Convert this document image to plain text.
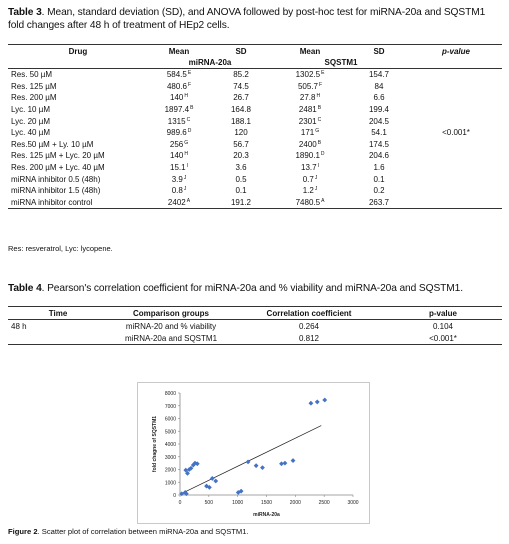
Table 3. Mean, standard deviation (SD), and ANOVA followed by post-hoc test for miRNA-20a and SQSTM1 fold changes after 48 h of treatment of HEp2 cells.
Drug	Mean	SD	Mean	SD	p-value
	miRNA-20a		SQSTM1		
Res. 50 µM	$584.5^E$	85.2	$1302.5^E$	154.7	
Res. 125 µM	$480.6^F$	74.5	$505.7^F$	84	
Res. 200 µM	$140^H$	26.7	$27.8^H$	6.6	
Lyc. 10 µM	$1897.4^B$	164.8	$2481^B$	199.4	
Lyc. 20 µM	$1315^C$	188.1	$2301^C$	204.5	
Lyc. 40 µM	$989.6^D$	120	$171^G$	54.1	<0.001*
Res.50 µM + Ly. 10 µM	$256^G$	56.7	$2400^B$	174.5	
Res. 125 µM + Lyc. 20 µM	$140^H$	20.3	$1890.1^D$	204.6	
Res. 200 µM + Lyc. 40 µM	$15.1^I$	3.6	$13.7^I$	1.6	
miRNA inhibitor 0.5 (48h)	$3.9^J$	0.5	$0.7^J$	0.1	
miRNA inhibitor 1.5 (48h)	$0.8^J$	0.1	$1.2^J$	0.2	
miRNA inhibitor control	$2402^A$	191.2	$7480.5^A$	263.7	
Res: resveratrol, Lyc: lycopene.
Table 4. Pearson's correlation coefficient for miRNA-20a and % viability and miRNA-20a and SQSTM1.
Time	Comparison groups	Correlation coefficient	p-value
48 h	miRNA-20 and % viability	0.264	0.104
	miRNA-20a and SQSTM1	0.812	<0.001*
0
1000
2000
3000
4000
5000
6000
7000
8000
0	500	1000	1500	2000	2500	3000
miRNA-20a
fold chagne of SQSTM1
Figure 2. Scatter plot of correlation between miRNA-20a and SQSTM1.
